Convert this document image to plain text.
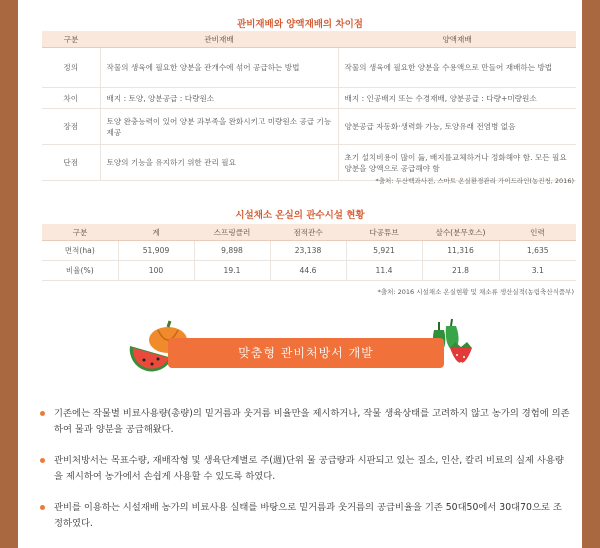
관비재배와 양액재배의 차이점
구분	관비재배	양액재배
정의	작물의 생육에 필요한 양분을 관개수에 섞어 공급하는 방법	작물의 생육에 필요한 양분을 수용액으로 만들어 재배하는 방법
차이	배지 : 토양, 양분공급 : 다량원소	배지 : 인공배지 또는 수경재배, 양분공급 : 다량+미량원소
장점	토양 완충능력이 있어 양분 과부족을 완화시키고 미량원소 공급 기능 제공	양분공급 자동화·생력화 가능, 토양유래 전염병 없음
단점	토양의 기능을 유지하기 위한 관리 필요	초기 설치비용이 많이 듦, 배지를교체하거나 정화해야 함. 모든 필요 양분을 양액으로 공급해야 함
*출처: 두산백과사전, 스마트 온실환경관리 가이드라인(농진청, 2016)
시설채소 온실의 관수시설 현황
구분	계	스프링클러	점적관수	다공튜브	살수(분무호스)	인력
면적(ha)	51,909	9,898	23,138	5,921	11,316	1,635
비율(%)	100	19.1	44.6	11.4	21.8	3.1
*출처: 2016 시설채소 온실현황 및 채소류 생산실적(농림축산식품부)
맞춤형 관비처방서 개발
기존에는 작물별 비료사용량(총량)의 밑거름과 웃거름 비율만을 제시하거나, 작물 생육상태를 고려하지 않고 농가의 경험에 의존하여 물과 양분을 공급해왔다.
관비처방서는 목표수량, 재배작형 및 생육단계별로 주(週)단위 물 공급량과 시판되고 있는 질소, 인산, 칼리 비료의 실제 사용량을 제시하여 농가에서 손쉽게 사용할 수 있도록 하였다.
관비를 이용하는 시설재배 농가의 비료사용 실태를 바탕으로 밑거름과 웃거름의 공급비율을 기존 50대50에서 30대70으로 조정하였다.
